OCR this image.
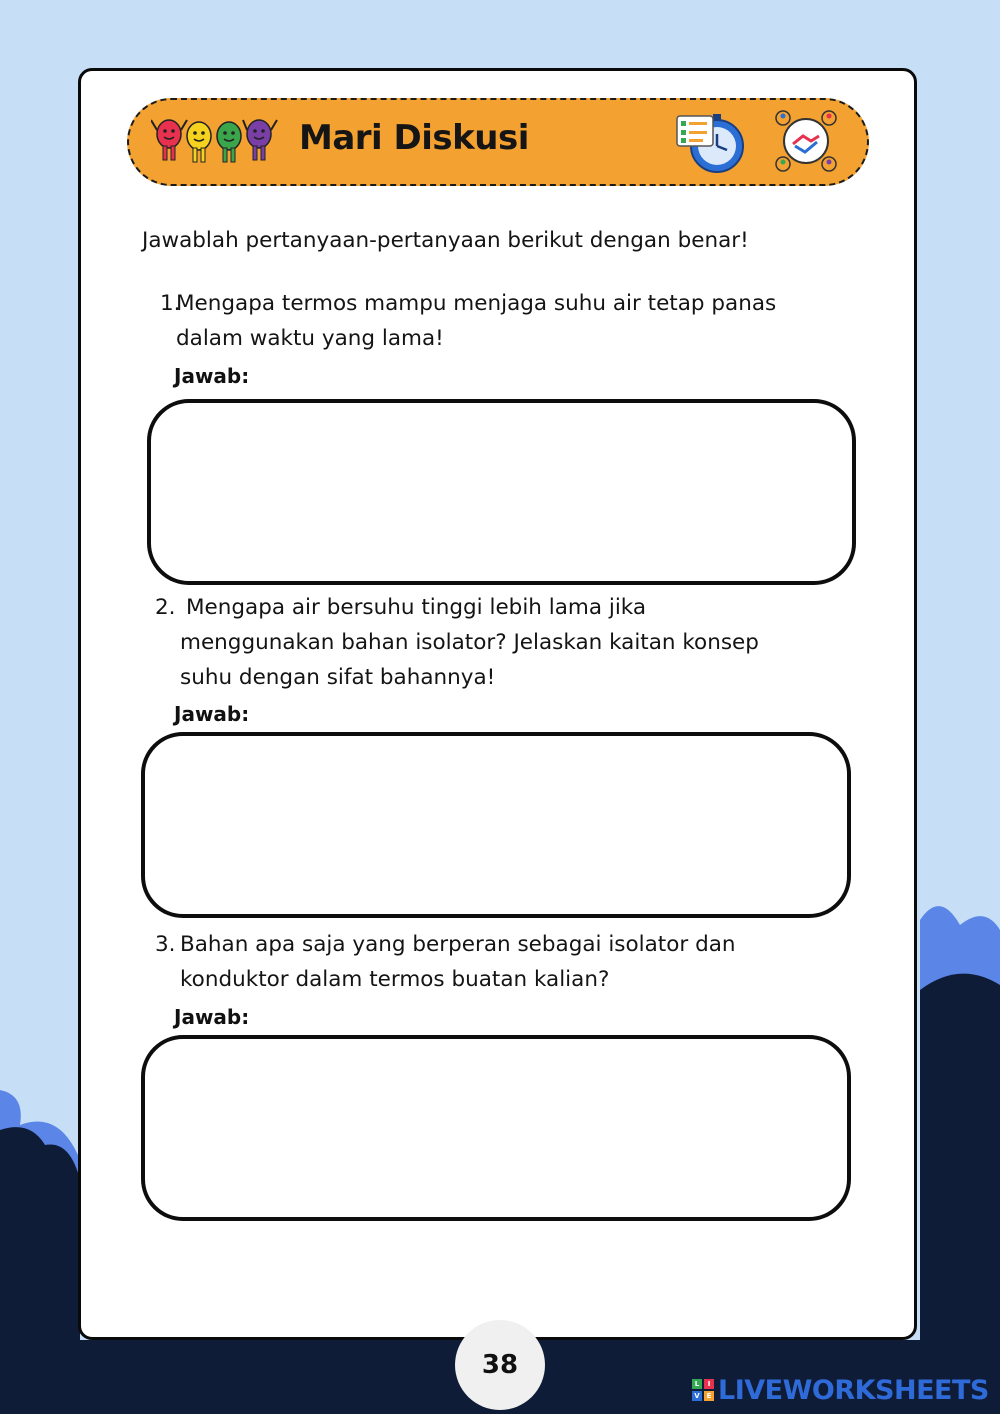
Mari Diskusi
Jawablah pertanyaan-pertanyaan berikut dengan benar!
1.
Mengapa termos mampu menjaga suhu air tetap panas
dalam waktu yang lama!
Jawab:
2. Mengapa air bersuhu tinggi lebih lama jika
menggunakan bahan isolator? Jelaskan kaitan konsep
suhu dengan sifat bahannya!
Jawab:
3. Bahan apa saja yang berperan sebagai isolator dan
konduktor dalam termos buatan kalian?
Jawab:
38
L	I
V E LIVEWORKSHEETS
